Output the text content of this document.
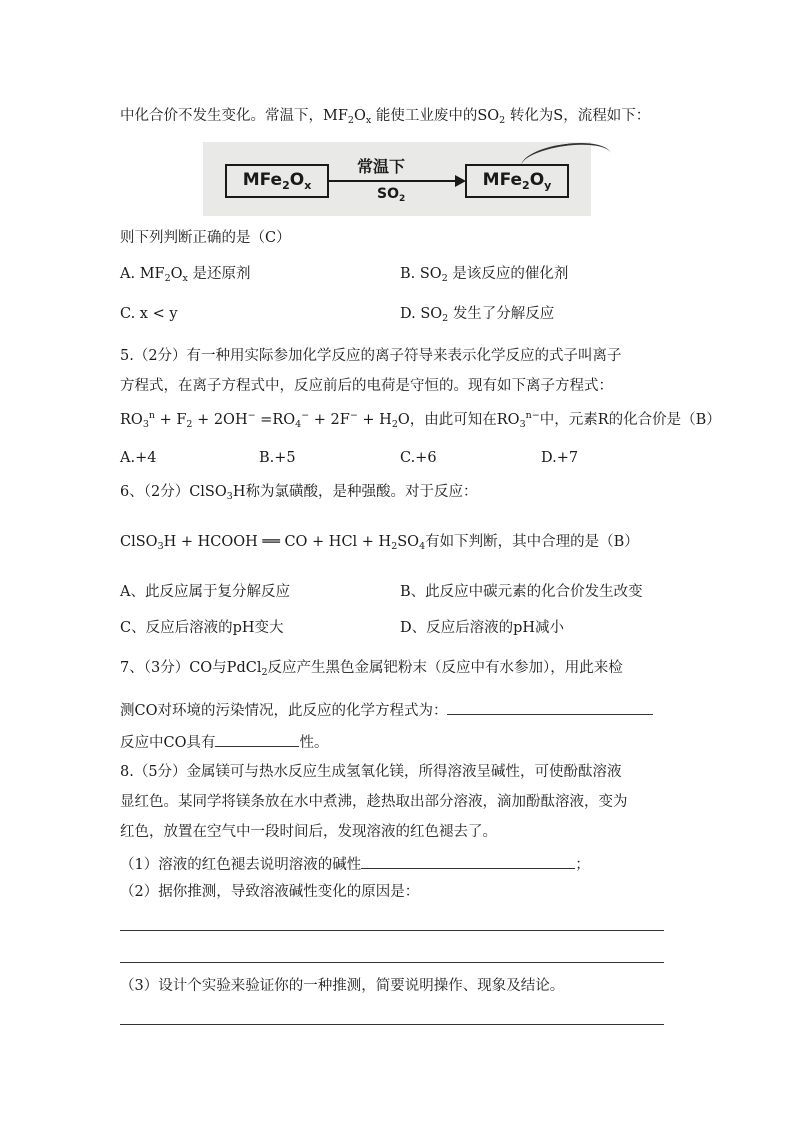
中化合价不发生变化。常温下，$MF_2O_x$ 能使工业废中的$SO_2$ 转化为S，流程如下：
$MFe_2O_x$
常温下
$SO_2$
$MFe_2O_y$
则下列判断正确的是（C）
A. $MF_2O_x$ 是还原剂	B. $SO_2$ 是该反应的催化剂
C. x < y	D. $SO_2$ 发生了分解反应
5.（2分）有一种用实际参加化学反应的离子符导来表示化学反应的式子叫离子
方程式，在离子方程式中，反应前后的电荷是守恒的。现有如下离子方程式：
$RO_3^n + F_2 + 2OH^- =RO_4^- + 2F^- + H_2O$，由此可知在$RO_3^{n-}$中，元素R的化合价是（B）
A.+4	B.+5	C.+6	D.+7
6、（2分）ClSO$_3$H称为氯磺酸，是种强酸。对于反应：
ClSO$_3$H + HCOOH ══ CO + HCl + $H_2SO_4$有如下判断，其中合理的是（B）
A、此反应属于复分解反应	B、此反应中碳元素的化合价发生改变
C、反应后溶液的pH变大	D、反应后溶液的pH减小
7、（3分）CO与PdCl$_2$反应产生黑色金属钯粉末（反应中有水参加），用此来检
测CO对环境的污染情况，此反应的化学方程式为：
反应中CO具有	性。
8.（5分）金属镁可与热水反应生成氢氧化镁，所得溶液呈碱性，可使酚酞溶液
显红色。某同学将镁条放在水中煮沸，趁热取出部分溶液，滴加酚酞溶液，变为
红色，放置在空气中一段时间后，发现溶液的红色褪去了。
（1）溶液的红色褪去说明溶液的碱性	；
（2）据你推测，导致溶液碱性变化的原因是：
（3）设计个实验来验证你的一种推测，简要说明操作、现象及结论。
